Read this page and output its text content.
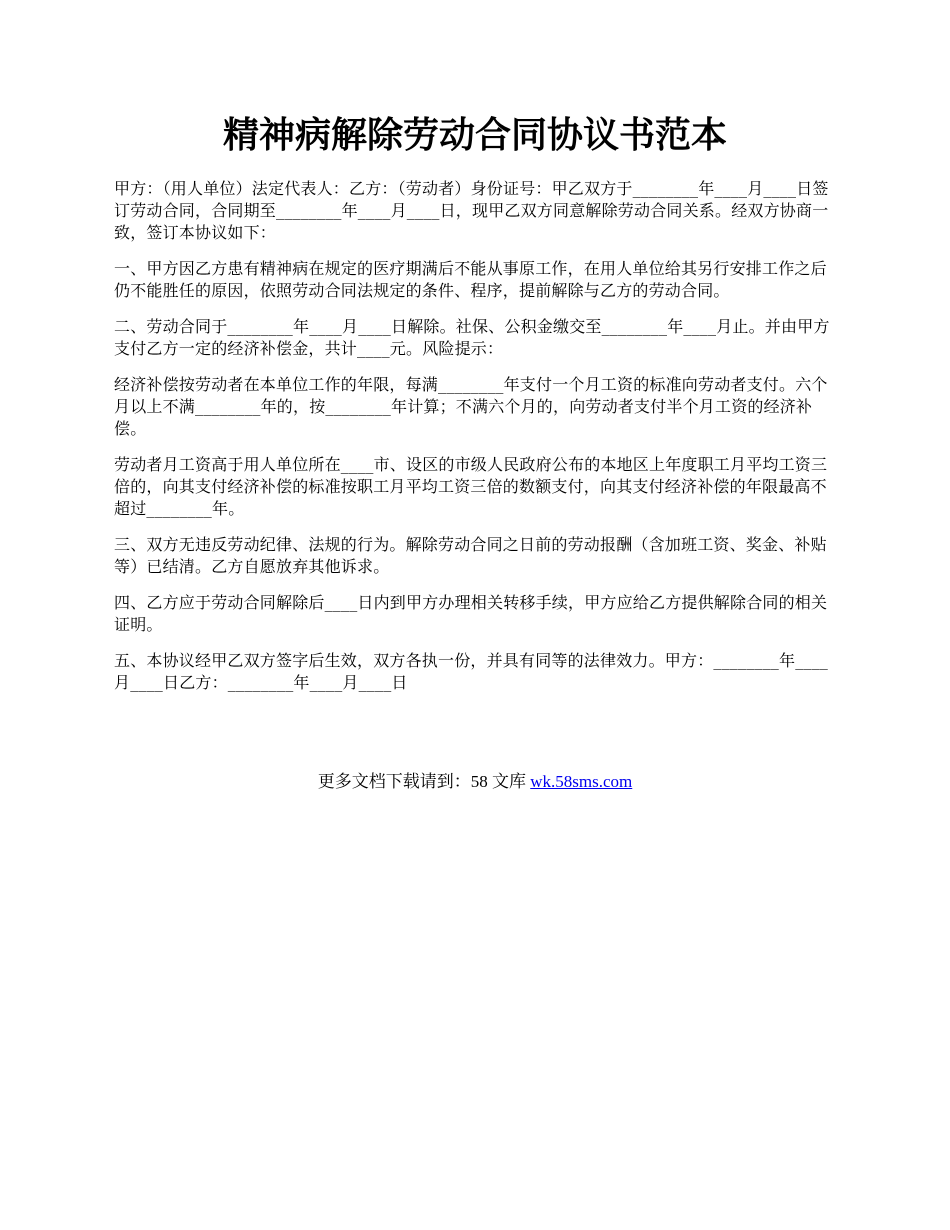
精神病解除劳动合同协议书范本

甲方：（用人单位）法定代表人：乙方：（劳动者）身份证号：甲乙双方于________年____月____日签订劳动合同，合同期至________年____月____日，现甲乙双方同意解除劳动合同关系。经双方协商一致，签订本协议如下：

一、甲方因乙方患有精神病在规定的医疗期满后不能从事原工作，在用人单位给其另行安排工作之后仍不能胜任的原因，依照劳动合同法规定的条件、程序，提前解除与乙方的劳动合同。

二、劳动合同于________年____月____日解除。社保、公积金缴交至________年____月止。并由甲方支付乙方一定的经济补偿金，共计____元。风险提示：

经济补偿按劳动者在本单位工作的年限，每满________年支付一个月工资的标准向劳动者支付。六个月以上不满________年的，按________年计算；不满六个月的，向劳动者支付半个月工资的经济补偿。

劳动者月工资高于用人单位所在____市、设区的市级人民政府公布的本地区上年度职工月平均工资三倍的，向其支付经济补偿的标准按职工月平均工资三倍的数额支付，向其支付经济补偿的年限最高不超过________年。

三、双方无违反劳动纪律、法规的行为。解除劳动合同之日前的劳动报酬（含加班工资、奖金、补贴等）已结清。乙方自愿放弃其他诉求。

四、乙方应于劳动合同解除后____日内到甲方办理相关转移手续，甲方应给乙方提供解除合同的相关证明。

五、本协议经甲乙双方签字后生效，双方各执一份，并具有同等的法律效力。甲方：________年____月____日乙方：________年____月____日

更多文档下载请到：58 文库 wk.58sms.com
